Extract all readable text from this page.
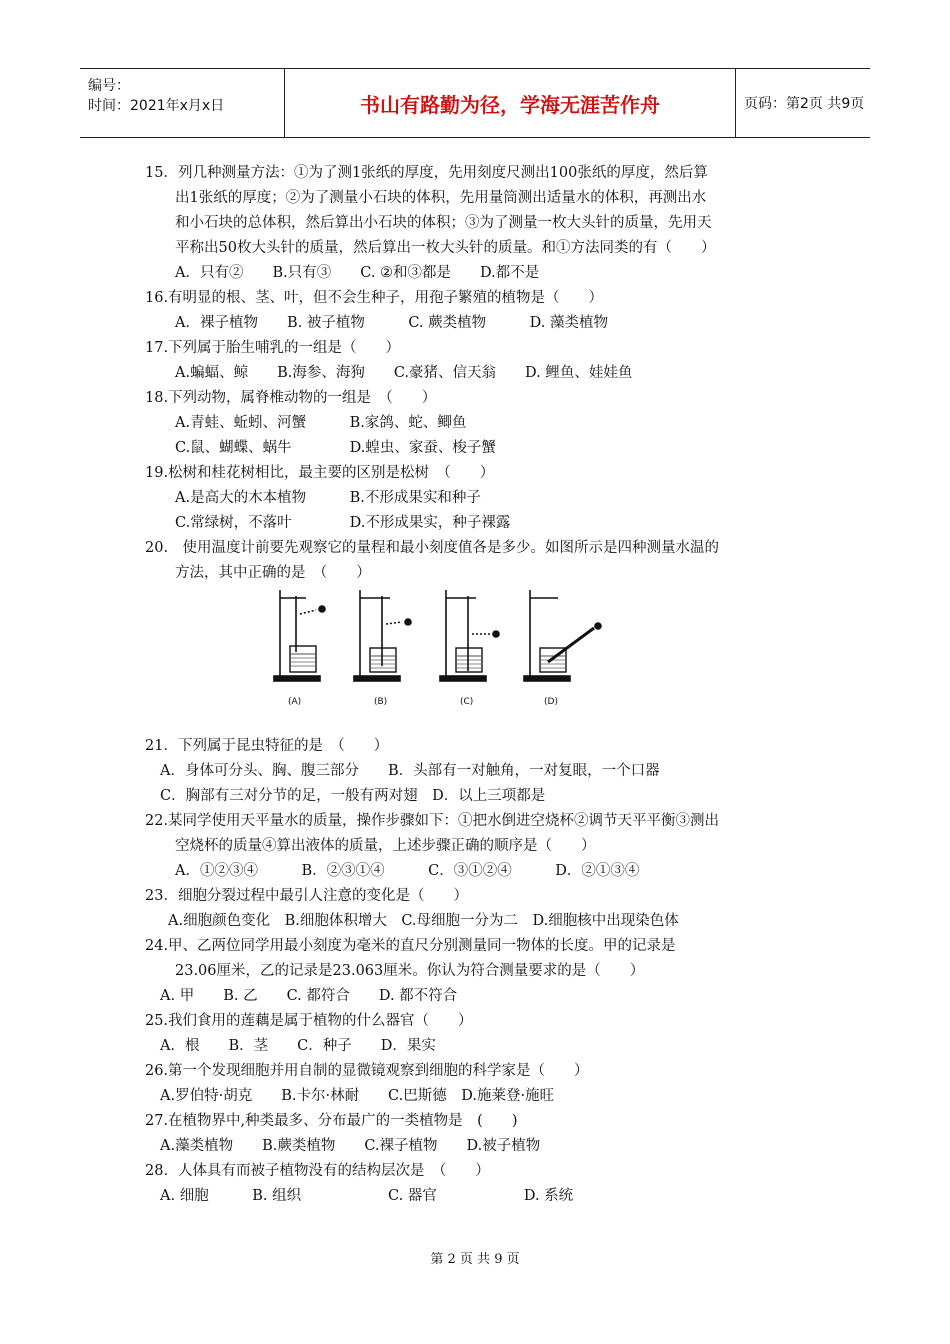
编号：
时间：2021年x月x日	书山有路勤为径，学海无涯苦作舟	页码：第2页 共9页
15．列几种测量方法：①为了测1张纸的厚度，先用刻度尺测出100张纸的厚度，然后算
出1张纸的厚度；②为了测量小石块的体积，先用量筒测出适量水的体积，再测出水
和小石块的总体积，然后算出小石块的体积；③为了测量一枚大头针的质量，先用天
平称出50枚大头针的质量，然后算出一枚大头针的质量。和①方法同类的有（　　）
A．只有②　　B.只有③　　C. ②和③都是　　D.都不是
16.有明显的根、茎、叶，但不会生种子，用孢子繁殖的植物是（　　）
A．裸子植物　　B. 被子植物　　　C. 蕨类植物　　　D. 藻类植物
17.下列属于胎生哺乳的一组是（　　）
A.蝙蝠、鲸　　B.海参、海狗　　C.豪猪、信天翁　　D. 鲤鱼、娃娃鱼
18.下列动物，属脊椎动物的一组是　（　　）
A.青蛙、蚯蚓、河蟹　　　B.家鸽、蛇、鲫鱼
C.鼠、蝴蝶、蜗牛　　　　D.蝗虫、家蚕、梭子蟹
19.松树和桂花树相比，最主要的区别是松树　（　　）
A.是高大的木本植物　　　B.不形成果实和种子
C.常绿树，不落叶　　　　D.不形成果实，种子裸露
20.　使用温度计前要先观察它的量程和最小刻度值各是多少。如图所示是四种测量水温的
方法，其中正确的是　（　　）
(A)	(B)	(C)	(D)
21．下列属于昆虫特征的是　（　　）
A．身体可分头、胸、腹三部分　　B．头部有一对触角，一对复眼，一个口器
C．胸部有三对分节的足，一般有两对翅　D．以上三项都是
22.某同学使用天平量水的质量，操作步骤如下：①把水倒进空烧杯②调节天平平衡③测出
空烧杯的质量④算出液体的质量，上述步骤正确的顺序是（　　）
A．①②③④　　　B．②③①④　　　C．③①②④　　　D．②①③④
23．细胞分裂过程中最引人注意的变化是（　　）
A.细胞颜色变化　B.细胞体积增大　C.母细胞一分为二　D.细胞核中出现染色体
24.甲、乙两位同学用最小刻度为毫米的直尺分别测量同一物体的长度。甲的记录是
23.06厘米，乙的记录是23.063厘米。你认为符合测量要求的是（　　）
A. 甲　　B. 乙　　C. 都符合　　D. 都不符合
25.我们食用的莲藕是属于植物的什么器官（　　）
A．根　　B．茎　　C．种子　　D．果实
26.第一个发现细胞并用自制的显微镜观察到细胞的科学家是（　　）
A.罗伯特·胡克　　B.卡尔·林耐　　C.巴斯德　D.施莱登·施旺
27.在植物界中,种类最多、分布最广的一类植物是　(　　)
A.藻类植物　　B.蕨类植物　　C.裸子植物　　D.被子植物
28．人体具有而被子植物没有的结构层次是　（　　）
A. 细胞　　　B. 组织　　　　　　C. 器官　　　　　　D. 系统
第 2 页 共 9 页
